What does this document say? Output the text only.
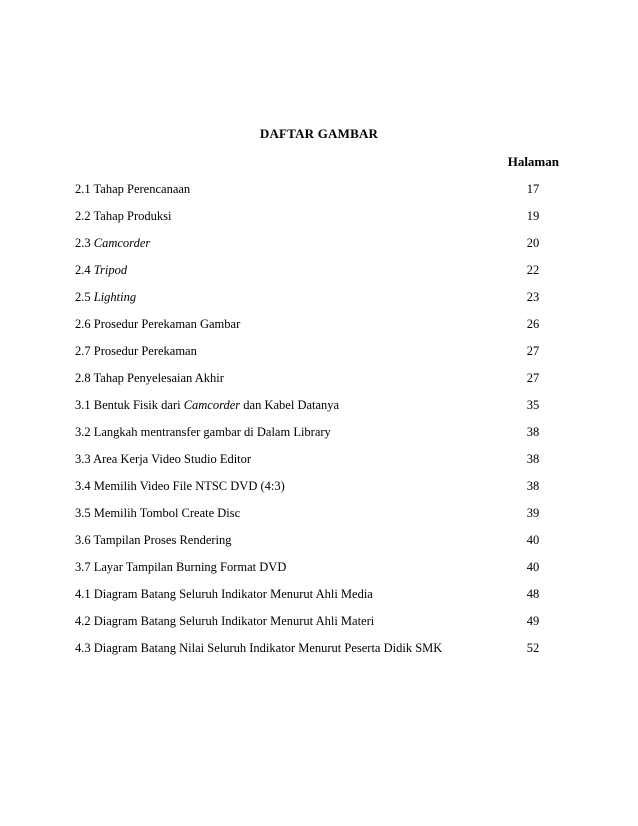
DAFTAR GAMBAR
Halaman
2.1 Tahap Perencanaan	17
2.2 Tahap Produksi	19
2.3 Camcorder	20
2.4 Tripod	22
2.5 Lighting	23
2.6 Prosedur Perekaman Gambar	26
2.7 Prosedur Perekaman	27
2.8 Tahap Penyelesaian Akhir	27
3.1 Bentuk Fisik dari Camcorder dan Kabel Datanya	35
3.2 Langkah mentransfer gambar di Dalam Library	38
3.3 Area Kerja Video Studio Editor	38
3.4 Memilih Video File NTSC DVD (4:3)	38
3.5 Memilih Tombol Create Disc	39
3.6 Tampilan Proses Rendering	40
3.7 Layar Tampilan Burning Format DVD	40
4.1 Diagram Batang Seluruh Indikator Menurut Ahli Media	48
4.2 Diagram Batang Seluruh Indikator Menurut Ahli Materi	49
4.3 Diagram Batang Nilai Seluruh Indikator Menurut Peserta Didik SMK	52
